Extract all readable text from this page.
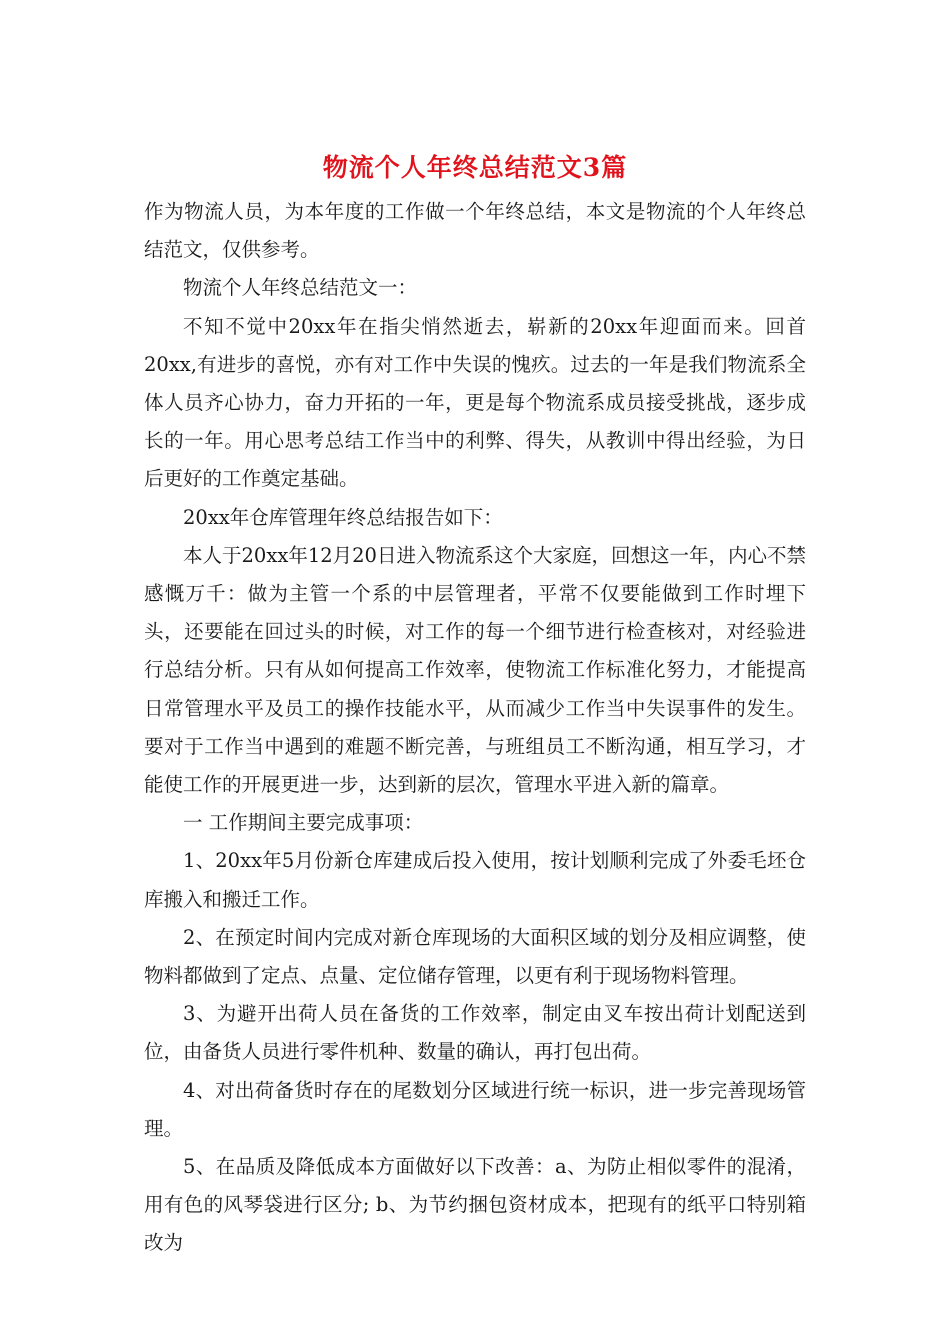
物流个人年终总结范文3篇

作为物流人员，为本年度的工作做一个年终总结，本文是物流的个人年终总结范文，仅供参考。

物流个人年终总结范文一：

不知不觉中20xx年在指尖悄然逝去，崭新的20xx年迎面而来。回首20xx,有进步的喜悦，亦有对工作中失误的愧疚。过去的一年是我们物流系全体人员齐心协力，奋力开拓的一年，更是每个物流系成员接受挑战，逐步成长的一年。用心思考总结工作当中的利弊、得失，从教训中得出经验，为日后更好的工作奠定基础。

20xx年仓库管理年终总结报告如下：

本人于20xx年12月20日进入物流系这个大家庭，回想这一年，内心不禁感慨万千：做为主管一个系的中层管理者，平常不仅要能做到工作时埋下头，还要能在回过头的时候，对工作的每一个细节进行检查核对，对经验进行总结分析。只有从如何提高工作效率，使物流工作标准化努力，才能提高日常管理水平及员工的操作技能水平，从而减少工作当中失误事件的发生。要对于工作当中遇到的难题不断完善，与班组员工不断沟通，相互学习，才能使工作的开展更进一步，达到新的层次，管理水平进入新的篇章。

一 工作期间主要完成事项：

1、20xx年5月份新仓库建成后投入使用，按计划顺利完成了外委毛坯仓库搬入和搬迁工作。

2、在预定时间内完成对新仓库现场的大面积区域的划分及相应调整，使物料都做到了定点、点量、定位储存管理，以更有利于现场物料管理。

3、为避开出荷人员在备货的工作效率，制定由叉车按出荷计划配送到位，由备货人员进行零件机种、数量的确认，再打包出荷。

4、对出荷备货时存在的尾数划分区域进行统一标识，进一步完善现场管理。

5、在品质及降低成本方面做好以下改善：a、为防止相似零件的混淆，用有色的风琴袋进行区分; b、为节约捆包资材成本，把现有的纸平口特别箱改为
